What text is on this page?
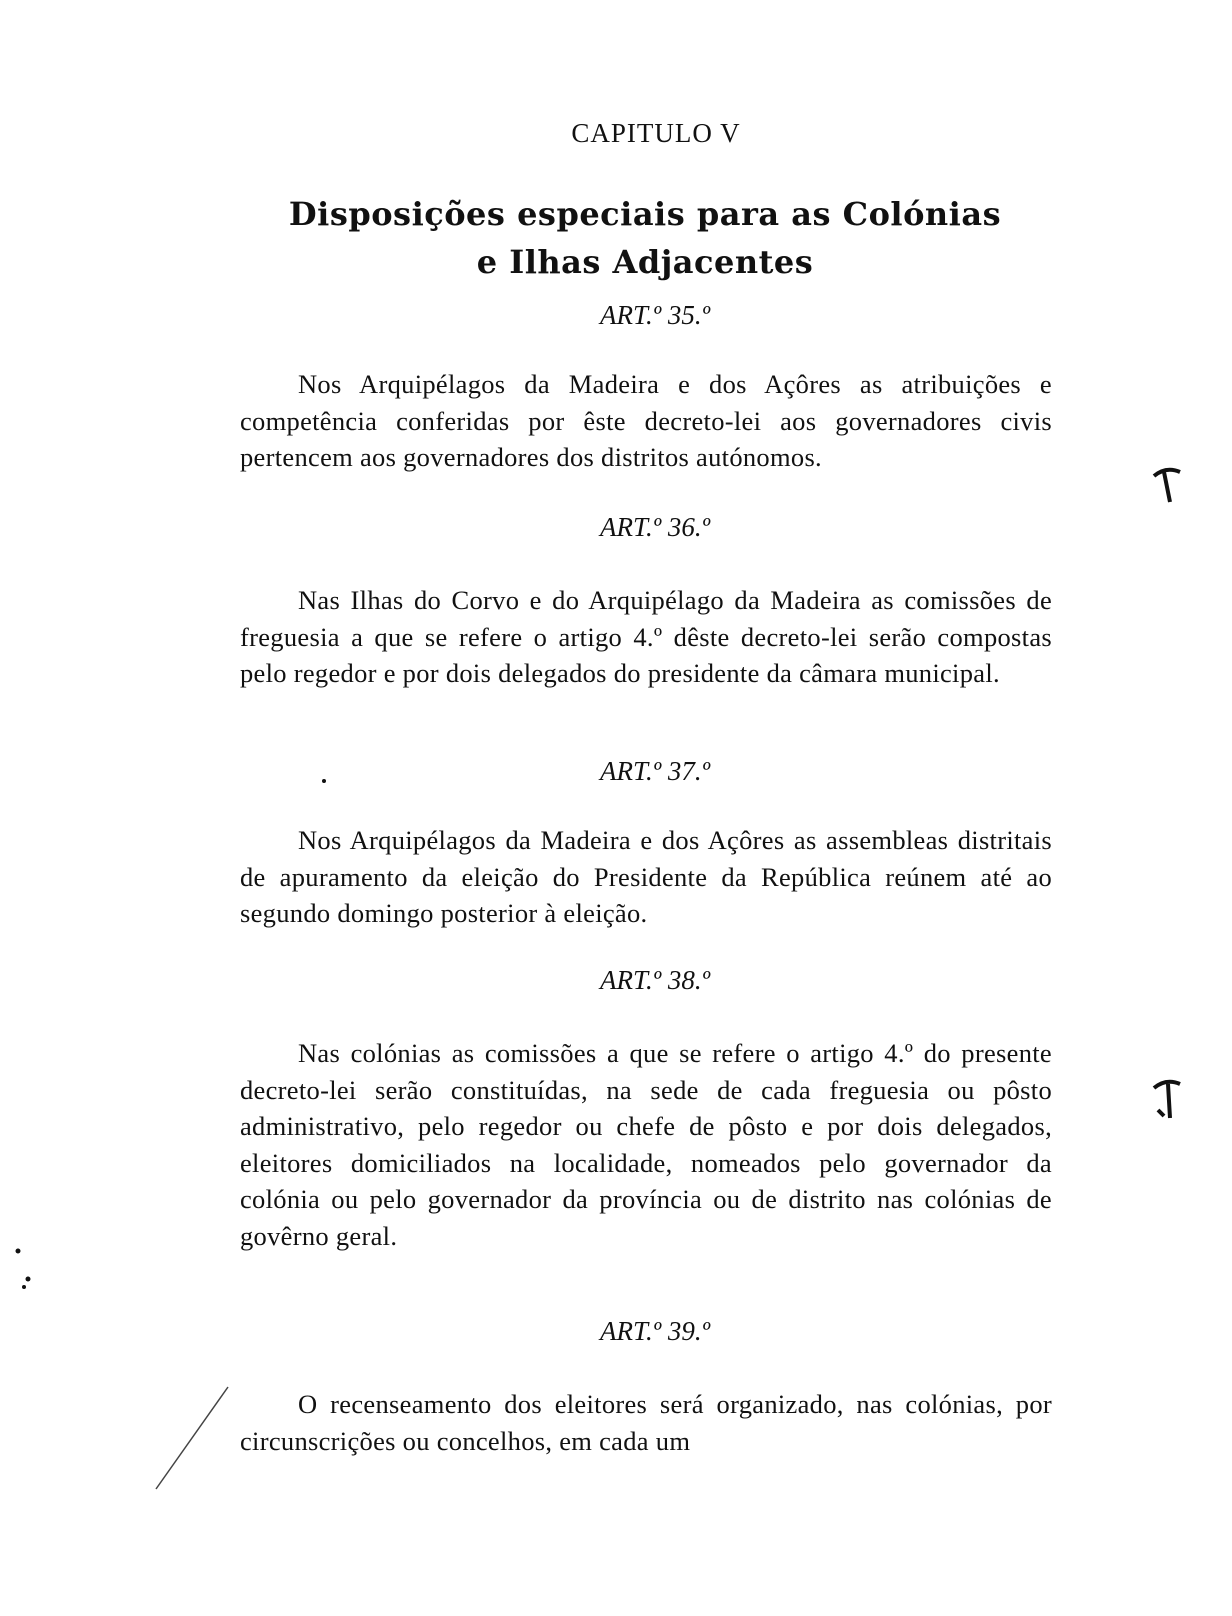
CAPITULO V
Disposições especiais para as Colónias
e Ilhas Adjacentes
ART.º 35.º
Nos Arquipélagos da Madeira e dos Açôres as atribuições e competência conferidas por êste decreto-lei aos governadores civis pertencem aos governadores dos distritos autónomos.
ART.º 36.º
Nas Ilhas do Corvo e do Arquipélago da Madeira as comissões de freguesia a que se refere o artigo 4.º dêste decreto-lei serão compostas pelo regedor e por dois delegados do presidente da câmara municipal.
ART.º 37.º
Nos Arquipélagos da Madeira e dos Açôres as assembleas distritais de apuramento da eleição do Presidente da República reúnem até ao segundo domingo posterior à eleição.
ART.º 38.º
Nas colónias as comissões a que se refere o artigo 4.º do presente decreto-lei serão constituídas, na sede de cada freguesia ou pôsto administrativo, pelo regedor ou chefe de pôsto e por dois delegados, eleitores domiciliados na localidade, nomeados pelo governador da colónia ou pelo governador da província ou de distrito nas colónias de govêrno geral.
ART.º 39.º
O recenseamento dos eleitores será organizado, nas colónias, por circunscrições ou concelhos, em cada um
